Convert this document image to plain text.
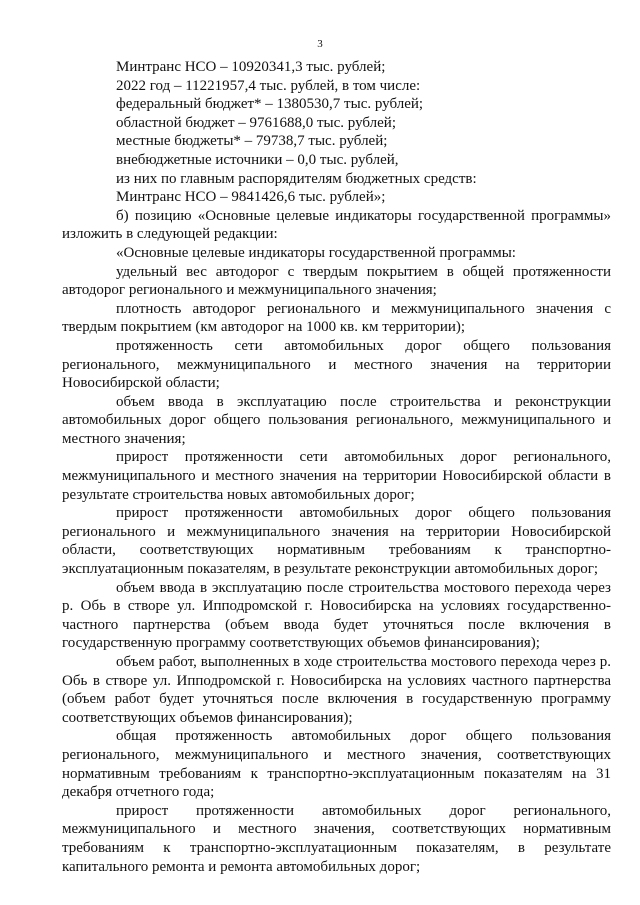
3

Минтранс НСО – 10920341,3 тыс. рублей;

2022 год – 11221957,4 тыс. рублей, в том числе:

федеральный бюджет* – 1380530,7 тыс. рублей;

областной бюджет – 9761688,0 тыс. рублей;

местные бюджеты* – 79738,7 тыс. рублей;

внебюджетные источники – 0,0 тыс. рублей,

из них по главным распорядителям бюджетных средств:

Минтранс НСО – 9841426,6 тыс. рублей»;

б) позицию «Основные целевые индикаторы государственной программы» изложить в следующей редакции:

«Основные целевые индикаторы государственной программы:

удельный вес автодорог с твердым покрытием в общей протяженности автодорог регионального и межмуниципального значения;

плотность автодорог регионального и межмуниципального значения с твердым покрытием (км автодорог на 1000 кв. км территории);

протяженность сети автомобильных дорог общего пользования регионального, межмуниципального и местного значения на территории Новосибирской области;

объем ввода в эксплуатацию после строительства и реконструкции автомобильных дорог общего пользования регионального, межмуниципального и местного значения;

прирост протяженности сети автомобильных дорог регионального, межмуниципального и местного значения на территории Новосибирской области в результате строительства новых автомобильных дорог;

прирост протяженности автомобильных дорог общего пользования регионального и межмуниципального значения на территории Новосибирской области, соответствующих нормативным требованиям к транспортно-эксплуатационным показателям, в результате реконструкции автомобильных дорог;

объем ввода в эксплуатацию после строительства мостового перехода через р. Обь в створе ул. Ипподромской г. Новосибирска на условиях государственно-частного партнерства (объем ввода будет уточняться после включения в государственную программу соответствующих объемов финансирования);

объем работ, выполненных в ходе строительства мостового перехода через р. Обь в створе ул. Ипподромской г. Новосибирска на условиях частного партнерства (объем работ будет уточняться после включения в государственную программу соответствующих объемов финансирования);

общая протяженность автомобильных дорог общего пользования регионального, межмуниципального и местного значения, соответствующих нормативным требованиям к транспортно-эксплуатационным показателям на 31 декабря отчетного года;

прирост протяженности автомобильных дорог регионального, межмуниципального и местного значения, соответствующих нормативным требованиям к транспортно-эксплуатационным показателям, в результате капитального ремонта и ремонта автомобильных дорог;
